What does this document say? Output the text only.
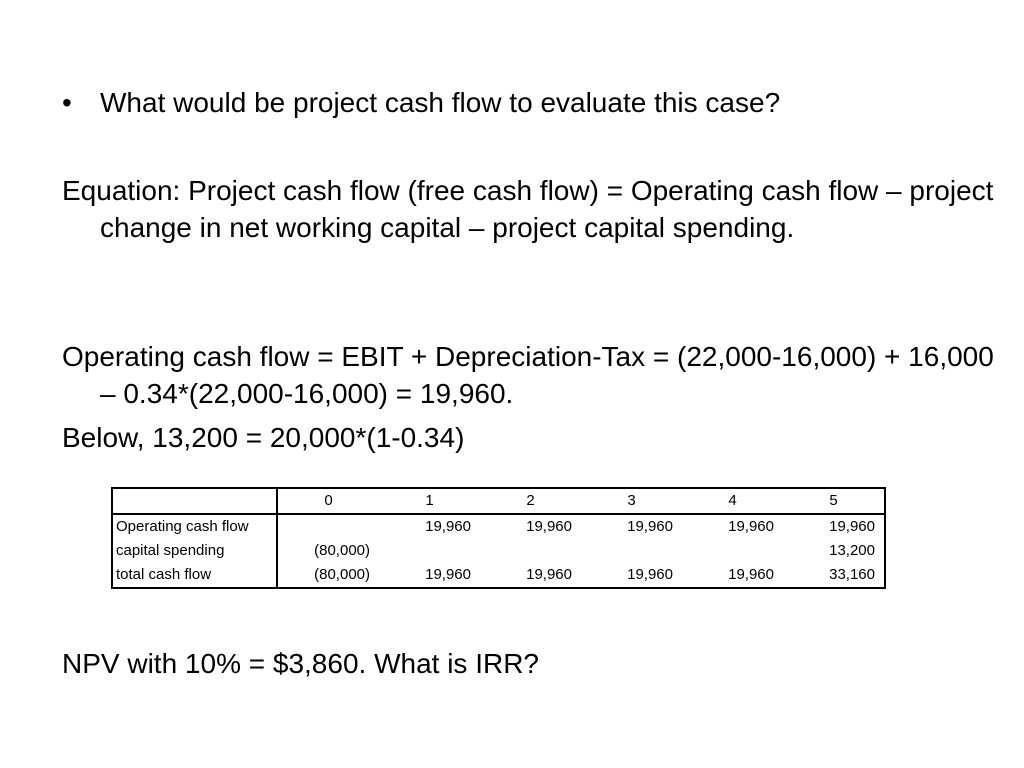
• What would be project cash flow to evaluate this case?
Equation: Project cash flow (free cash flow) = Operating cash flow – project change in net working capital – project capital spending.
Operating cash flow = EBIT + Depreciation-Tax = (22,000-16,000) + 16,000 – 0.34*(22,000-16,000) = 19,960.
Below, 13,200 = 20,000*(1-0.34)
	0	1	2	3	4	5
Operating cash flow		19,960	19,960	19,960	19,960	19,960
capital spending	(80,000)					13,200
total cash flow	(80,000)	19,960	19,960	19,960	19,960	33,160
NPV with 10% = $3,860. What is IRR?
